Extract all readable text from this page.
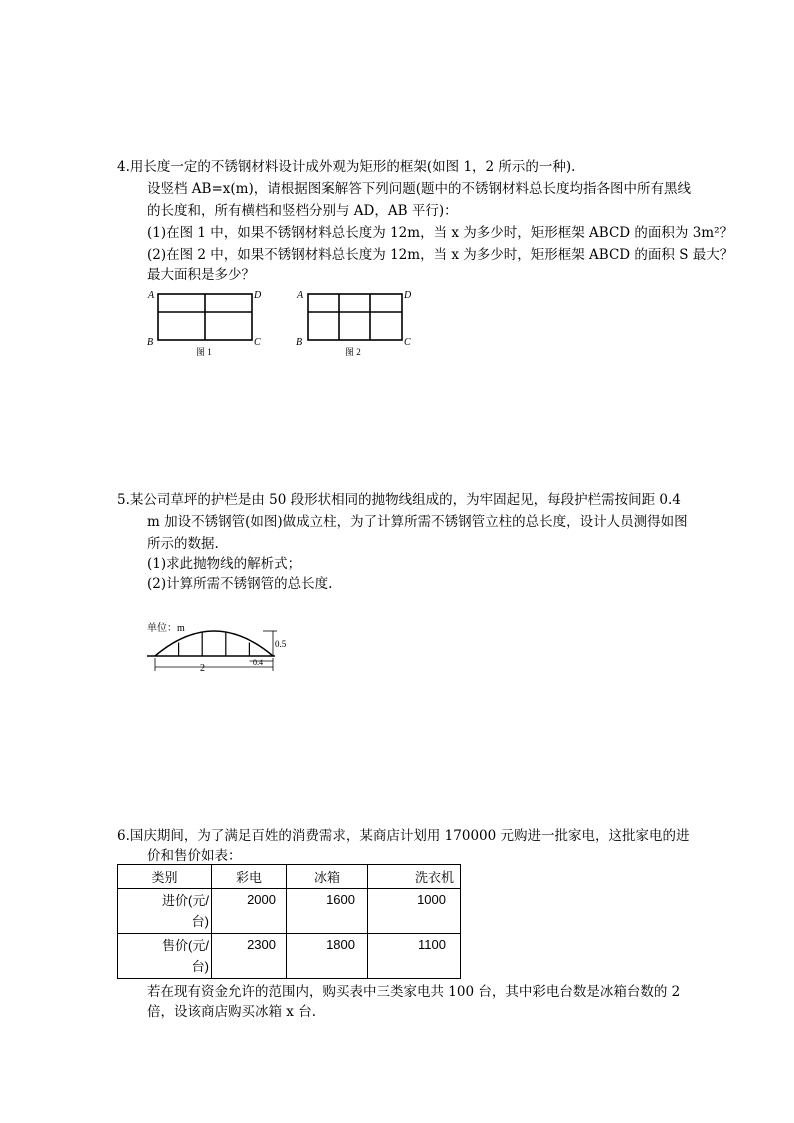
4.用长度一定的不锈钢材料设计成外观为矩形的框架(如图 1，2 所示的一种).
设竖档 AB=x(m)，请根据图案解答下列问题(题中的不锈钢材料总长度均指各图中所有黑线
的长度和，所有横档和竖档分别与 AD，AB 平行)：
(1)在图 1 中，如果不锈钢材料总长度为 12m，当 x 为多少时，矩形框架 ABCD 的面积为 3m²？
(2)在图 2 中，如果不锈钢材料总长度为 12m，当 x 为多少时，矩形框架 ABCD 的面积 S 最大？
最大面积是多少？
A	D
B	C
图 1
A	D
B	C
图 2
5.某公司草坪的护栏是由 50 段形状相同的抛物线组成的，为牢固起见，每段护栏需按间距 0.4
m 加设不锈钢管(如图)做成立柱，为了计算所需不锈钢管立柱的总长度，设计人员测得如图
所示的数据.
(1)求此抛物线的解析式；
(2)计算所需不锈钢管的总长度.
单位：m
0.5
2
0.4
6.国庆期间，为了满足百姓的消费需求，某商店计划用 170000 元购进一批家电，这批家电的进
价和售价如表：
类别	彩电	冰箱	洗衣机
进价(元/
台)	2000	1600	1000
售价(元/
台)	2300	1800	1100
若在现有资金允许的范围内，购买表中三类家电共 100 台，其中彩电台数是冰箱台数的 2
倍，设该商店购买冰箱 x 台.
